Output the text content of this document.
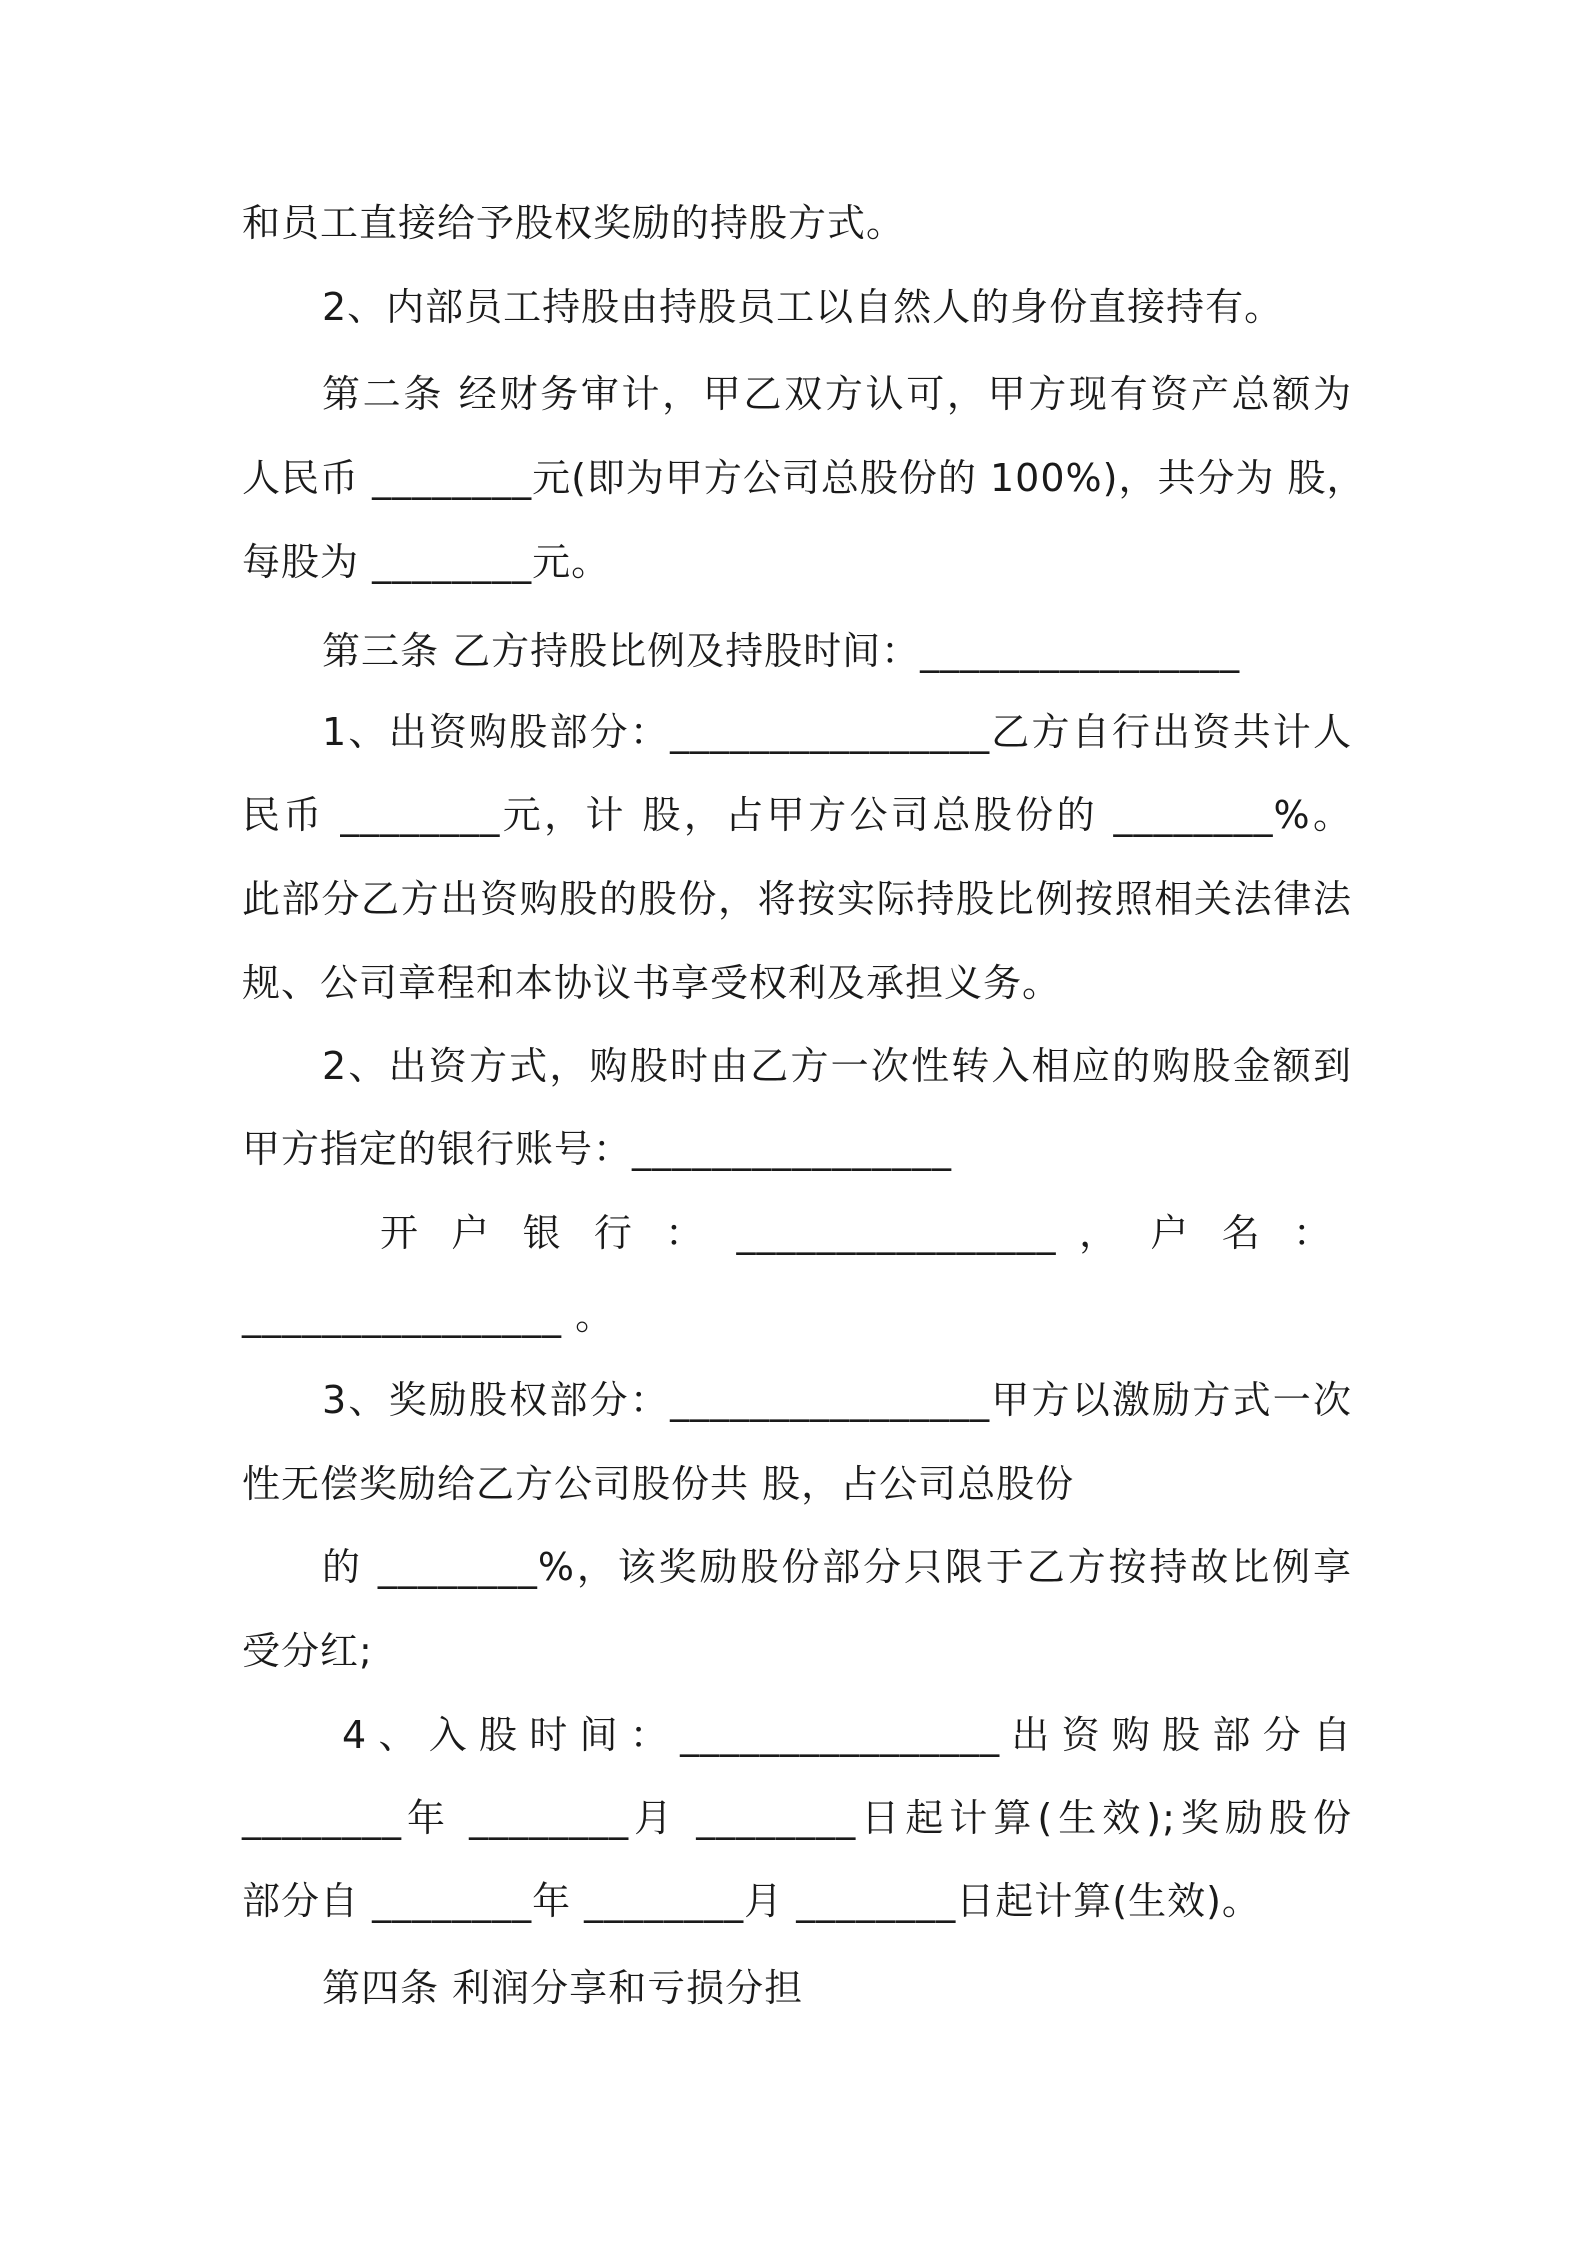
和员工直接给予股权奖励的持股方式。
2、内部员工持股由持股员工以自然人的身份直接持有。
第二条 经财务审计，甲乙双方认可，甲方现有资产总额为
人民币 ________元(即为甲方公司总股份的 100%)，共分为 股，
每股为 ________元。
第三条 乙方持股比例及持股时间：________________
1、出资购股部分：________________乙方自行出资共计人
民币 ________元，计 股，占甲方公司总股份的 ________%。
此部分乙方出资购股的股份，将按实际持股比例按照相关法律法
规、公司章程和本协议书享受权利及承担义务。
2、出资方式，购股时由乙方一次性转入相应的购股金额到
甲方指定的银行账号：________________
开 户 银 行 ： ________________ ， 户 名 ：
________________ 。
3、奖励股权部分：________________甲方以激励方式一次
性无偿奖励给乙方公司股份共 股，占公司总股份
的 ________%，该奖励股份部分只限于乙方按持故比例享
受分红;
4、入股时间：________________出资购股部分自
________年 ________月 ________日起计算(生效);奖励股份
部分自 ________年 ________月 ________日起计算(生效)。
第四条 利润分享和亏损分担
